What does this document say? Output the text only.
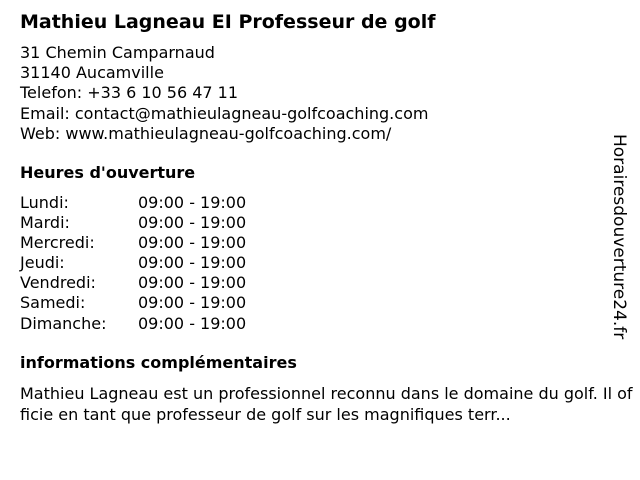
Mathieu Lagneau EI Professeur de golf
31 Chemin Camparnaud
31140 Aucamville
Telefon: +33 6 10 56 47 11
Email: contact@mathieulagneau-golfcoaching.com
Web: www.mathieulagneau-golfcoaching.com/
Heures d'ouverture
Lundi:	09:00 - 19:00
Mardi:	09:00 - 19:00
Mercredi:	09:00 - 19:00
Jeudi:	09:00 - 19:00
Vendredi:	09:00 - 19:00
Samedi:	09:00 - 19:00
Dimanche: 09:00 - 19:00
informations complémentaires
Mathieu Lagneau est un professionnel reconnu dans le domaine du golf. Il officie en tant que professeur de golf sur les magnifiques terr...
Horairesdouverture24.fr
